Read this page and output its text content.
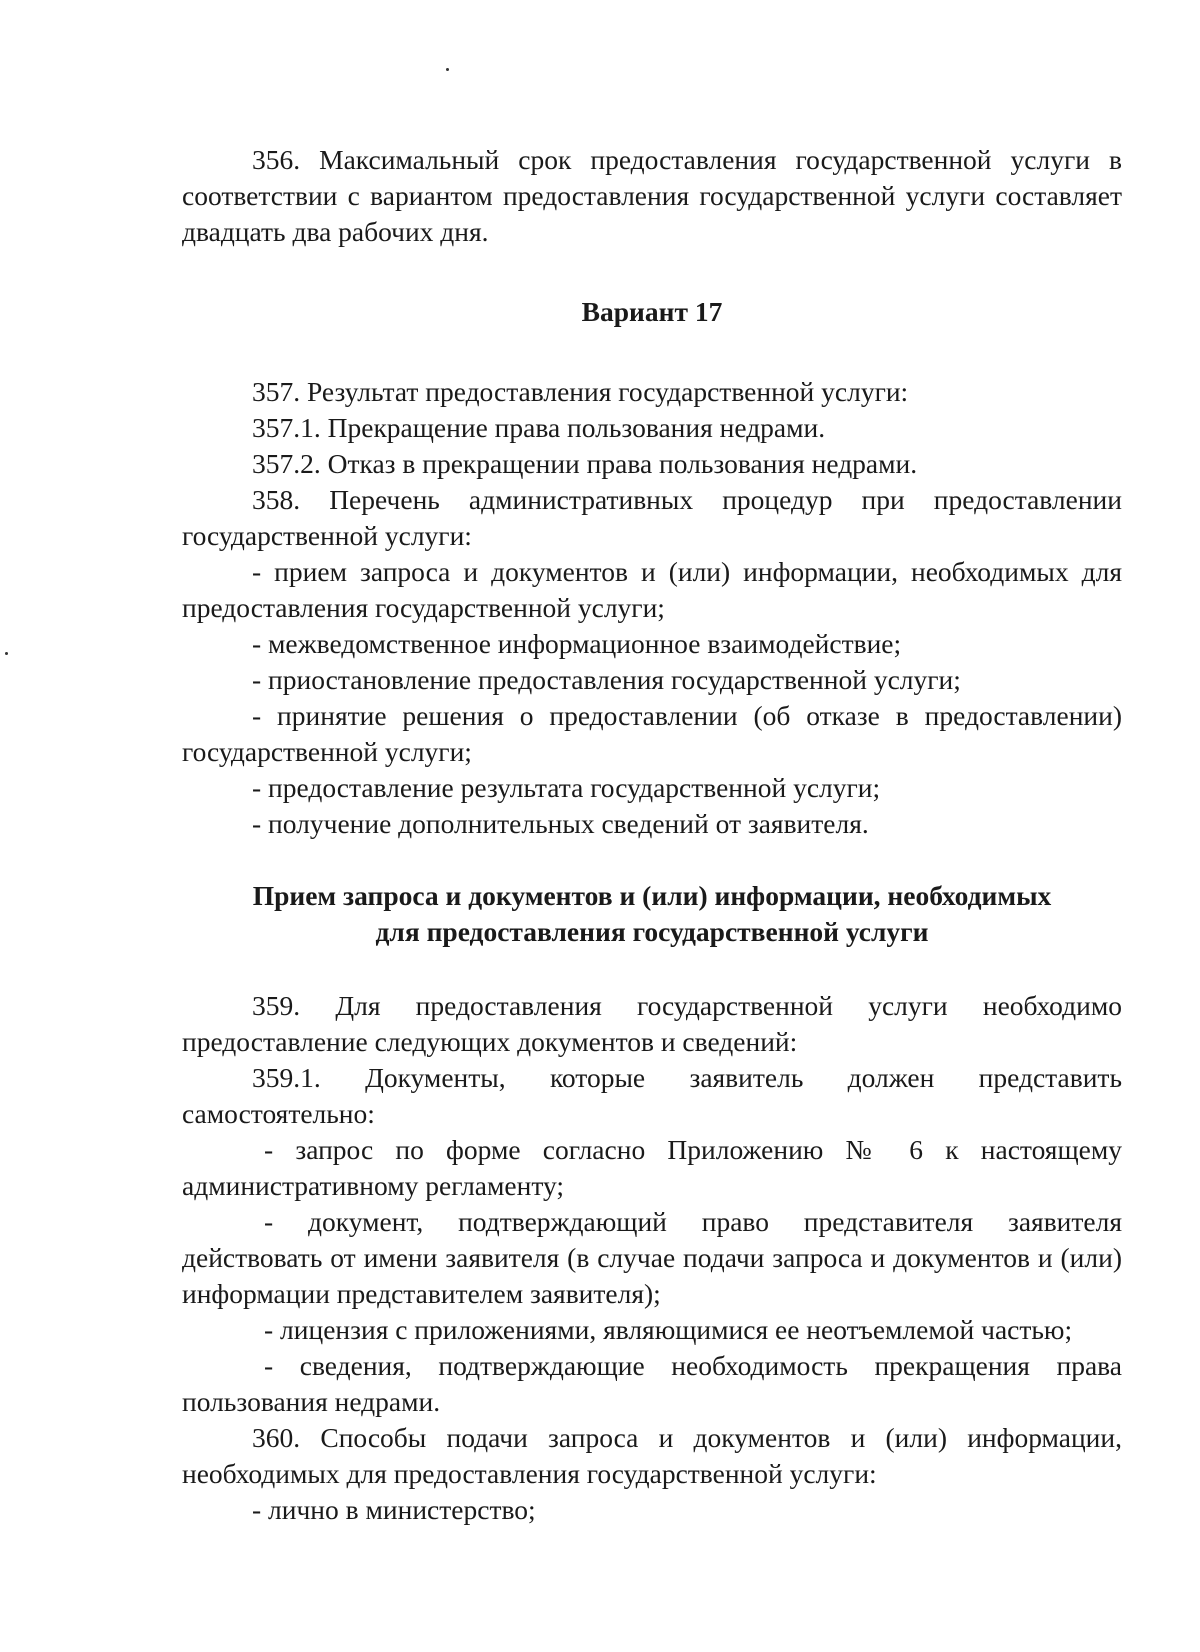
356. Максимальный срок предоставления государственной услуги в соответствии с вариантом предоставления государственной услуги составляет двадцать два рабочих дня.

Вариант 17

357. Результат предоставления государственной услуги:

357.1. Прекращение права пользования недрами.

357.2. Отказ в прекращении права пользования недрами.

358. Перечень административных процедур при предоставлении государственной услуги:

- прием запроса и документов и (или) информации, необходимых для предоставления государственной услуги;

- межведомственное информационное взаимодействие;

- приостановление предоставления государственной услуги;

- принятие решения о предоставлении (об отказе в предоставлении) государственной услуги;

- предоставление результата государственной услуги;

- получение дополнительных сведений от заявителя.

Прием запроса и документов и (или) информации, необходимых

для предоставления государственной услуги

359. Для предоставления государственной услуги необходимо предоставление следующих документов и сведений:

359.1. Документы, которые заявитель должен представить самостоятельно:

- запрос по форме согласно Приложению № 6 к настоящему административному регламенту;

- документ, подтверждающий право представителя заявителя действовать от имени заявителя (в случае подачи запроса и документов и (или) информации представителем заявителя);

- лицензия с приложениями, являющимися ее неотъемлемой частью;

- сведения, подтверждающие необходимость прекращения права пользования недрами.

360. Способы подачи запроса и документов и (или) информации, необходимых для предоставления государственной услуги:

- лично в министерство;
